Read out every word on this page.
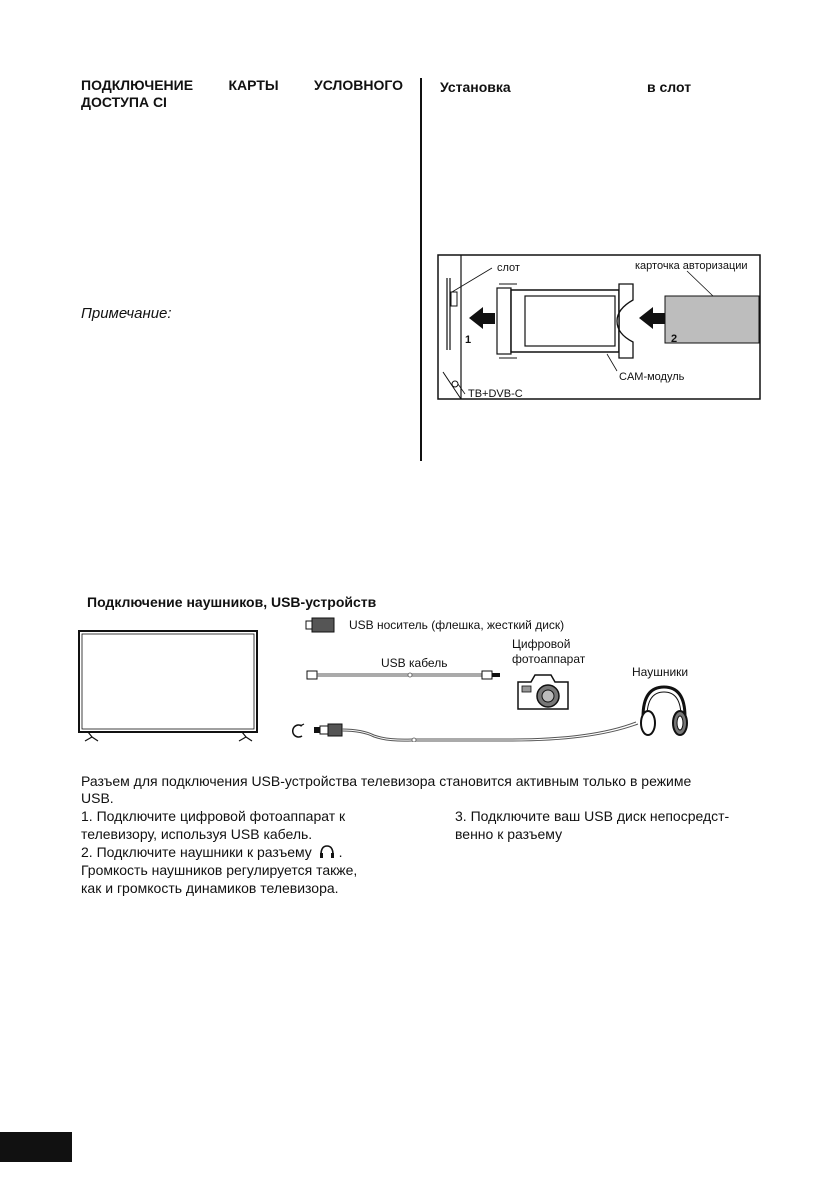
ПОДКЛЮЧЕНИЕ КАРТЫ УСЛОВНОГО
ДОСТУПА CI
Примечание:
Установка	в слот
слот
1	2
карточка авторизации
CAM-модуль
ТВ+DVB-C
Подключение наушников, USB-устройств
USB носитель (флешка, жесткий диск)
Цифровой
фотоаппарат
USB кабель
Наушники
Разъем для подключения USB-устройства телевизора становится активным только в режиме
USB.
1. Подключите цифровой фотоаппарат к
телевизору, используя USB кабель.
2. Подключите наушники к разъему .
Громкость наушников регулируется также,
как и громкость динамиков телевизора.
3. Подключите ваш USB диск непосредст-
венно к разъему
